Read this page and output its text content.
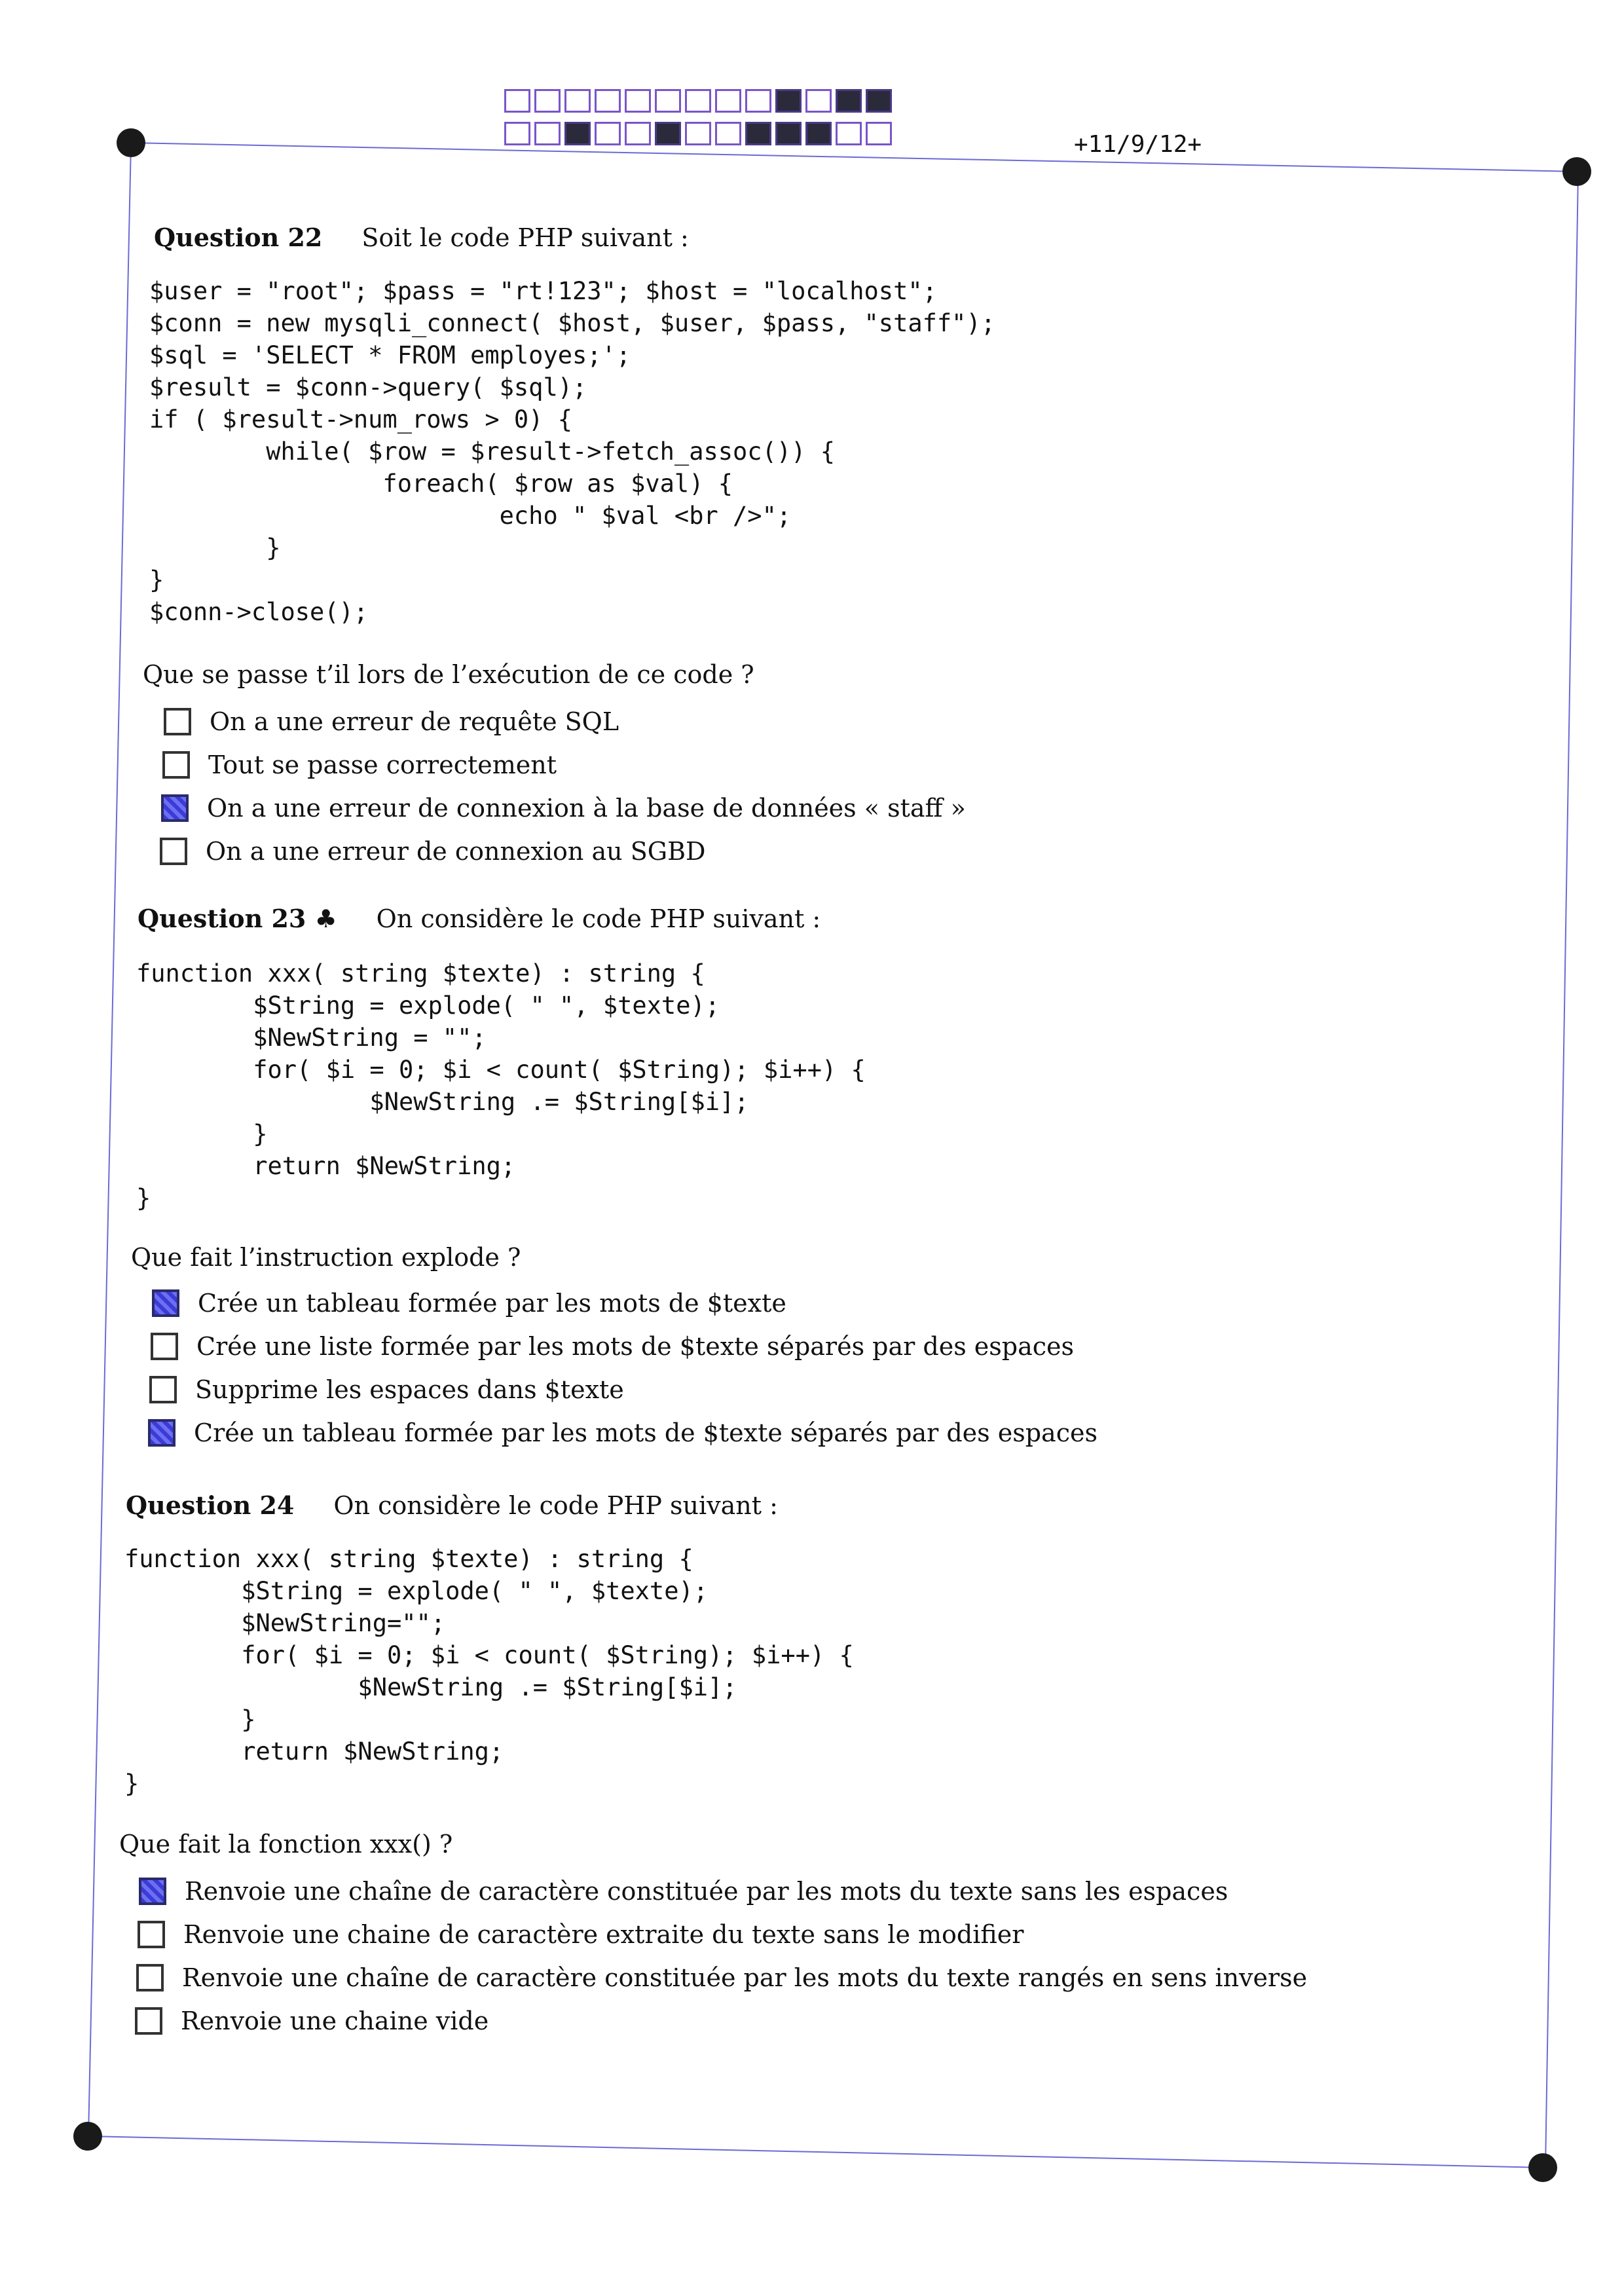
+11/9/12+
Question 22 Soit le code PHP suivant :
$user = "root"; $pass = "rt!123"; $host = "localhost";
$conn = new mysqli_connect( $host, $user, $pass, "staff");
$sql = 'SELECT * FROM employes;';
$result = $conn->query( $sql);
if ( $result->num_rows > 0) {
while( $row = $result->fetch_assoc()) {
foreach( $row as $val) {
echo " $val <br />";
}
}
$conn->close();
Que se passe t’il lors de l’exécution de ce code ?
On a une erreur de requête SQL
Tout se passe correctement
On a une erreur de connexion à la base de données « staff »
On a une erreur de connexion au SGBD
Question 23 ♣ On considère le code PHP suivant :
function xxx( string $texte) : string {
$String = explode( " ", $texte);
$NewString = "";
for( $i = 0; $i < count( $String); $i++) {
$NewString .= $String[$i];
}
return $NewString;
}
Que fait l’instruction explode ?
Crée un tableau formée par les mots de $texte
Crée une liste formée par les mots de $texte séparés par des espaces
Supprime les espaces dans $texte
Crée un tableau formée par les mots de $texte séparés par des espaces
Question 24 On considère le code PHP suivant :
function xxx( string $texte) : string {
$String = explode( " ", $texte);
$NewString="";
for( $i = 0; $i < count( $String); $i++) {
$NewString .= $String[$i];
}
return $NewString;
}
Que fait la fonction xxx() ?
Renvoie une chaîne de caractère constituée par les mots du texte sans les espaces
Renvoie une chaine de caractère extraite du texte sans le modifier
Renvoie une chaîne de caractère constituée par les mots du texte rangés en sens inverse
Renvoie une chaine vide
